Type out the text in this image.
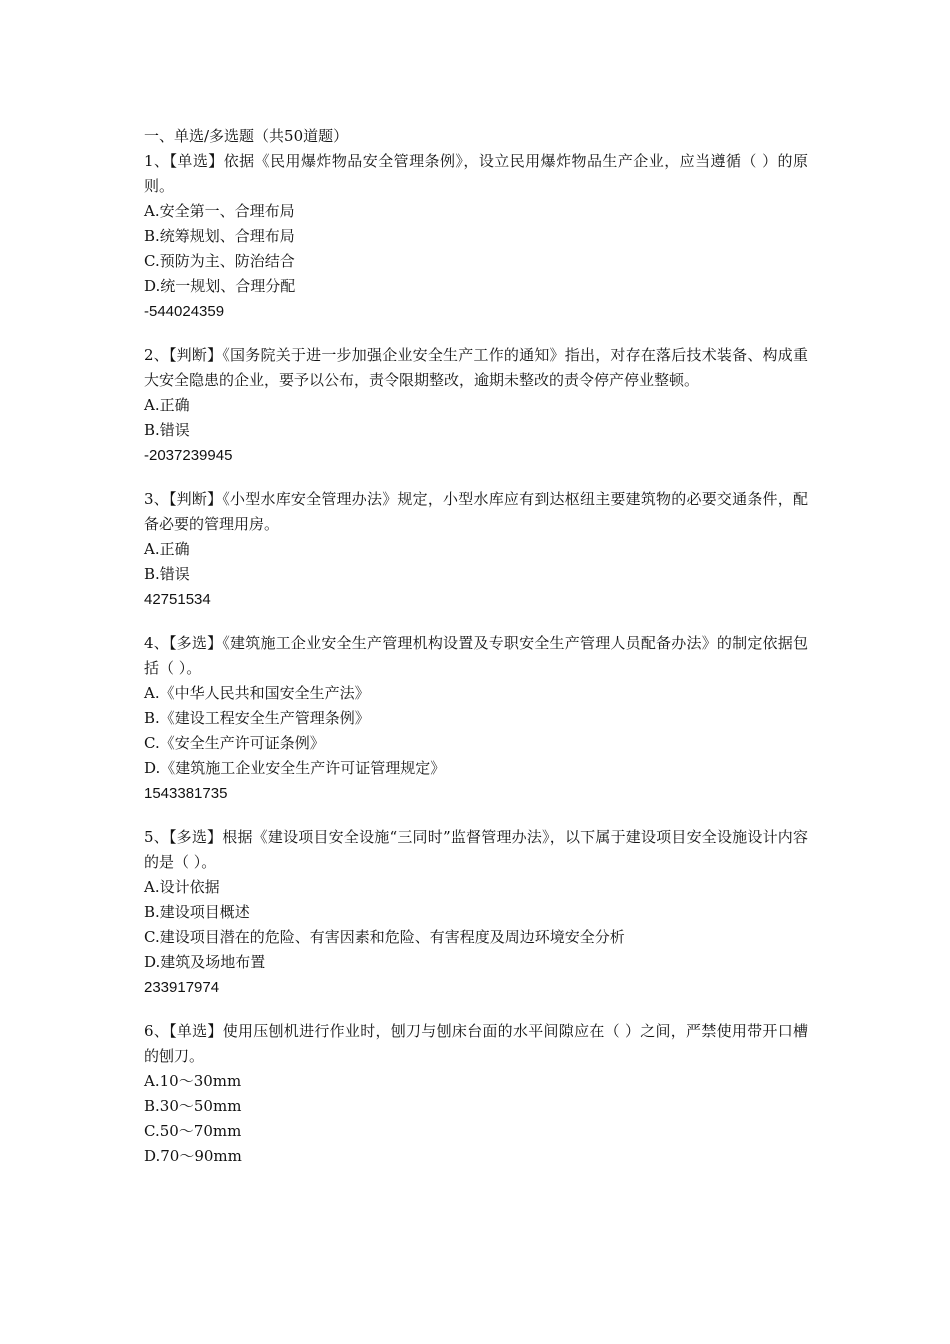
一、单选/多选题（共50道题）
1、【单选】依据《民用爆炸物品安全管理条例》，设立民用爆炸物品生产企业，应当遵循（ ）的原则。
A.安全第一、合理布局
B.统筹规划、合理布局
C.预防为主、防治结合
D.统一规划、合理分配
-544024359
2、【判断】《国务院关于进一步加强企业安全生产工作的通知》指出，对存在落后技术装备、构成重大安全隐患的企业，要予以公布，责令限期整改，逾期未整改的责令停产停业整顿。
A.正确
B.错误
-2037239945
3、【判断】《小型水库安全管理办法》规定，小型水库应有到达枢纽主要建筑物的必要交通条件，配备必要的管理用房。
A.正确
B.错误
42751534
4、【多选】《建筑施工企业安全生产管理机构设置及专职安全生产管理人员配备办法》的制定依据包括（ ）。
A.《中华人民共和国安全生产法》
B.《建设工程安全生产管理条例》
C.《安全生产许可证条例》
D.《建筑施工企业安全生产许可证管理规定》
1543381735
5、【多选】根据《建设项目安全设施“三同时”监督管理办法》，以下属于建设项目安全设施设计内容的是（ ）。
A.设计依据
B.建设项目概述
C.建设项目潜在的危险、有害因素和危险、有害程度及周边环境安全分析
D.建筑及场地布置
233917974
6、【单选】使用压刨机进行作业时，刨刀与刨床台面的水平间隙应在（ ）之间，严禁使用带开口槽的刨刀。
A.10～30mm
B.30～50mm
C.50～70mm
D.70～90mm
